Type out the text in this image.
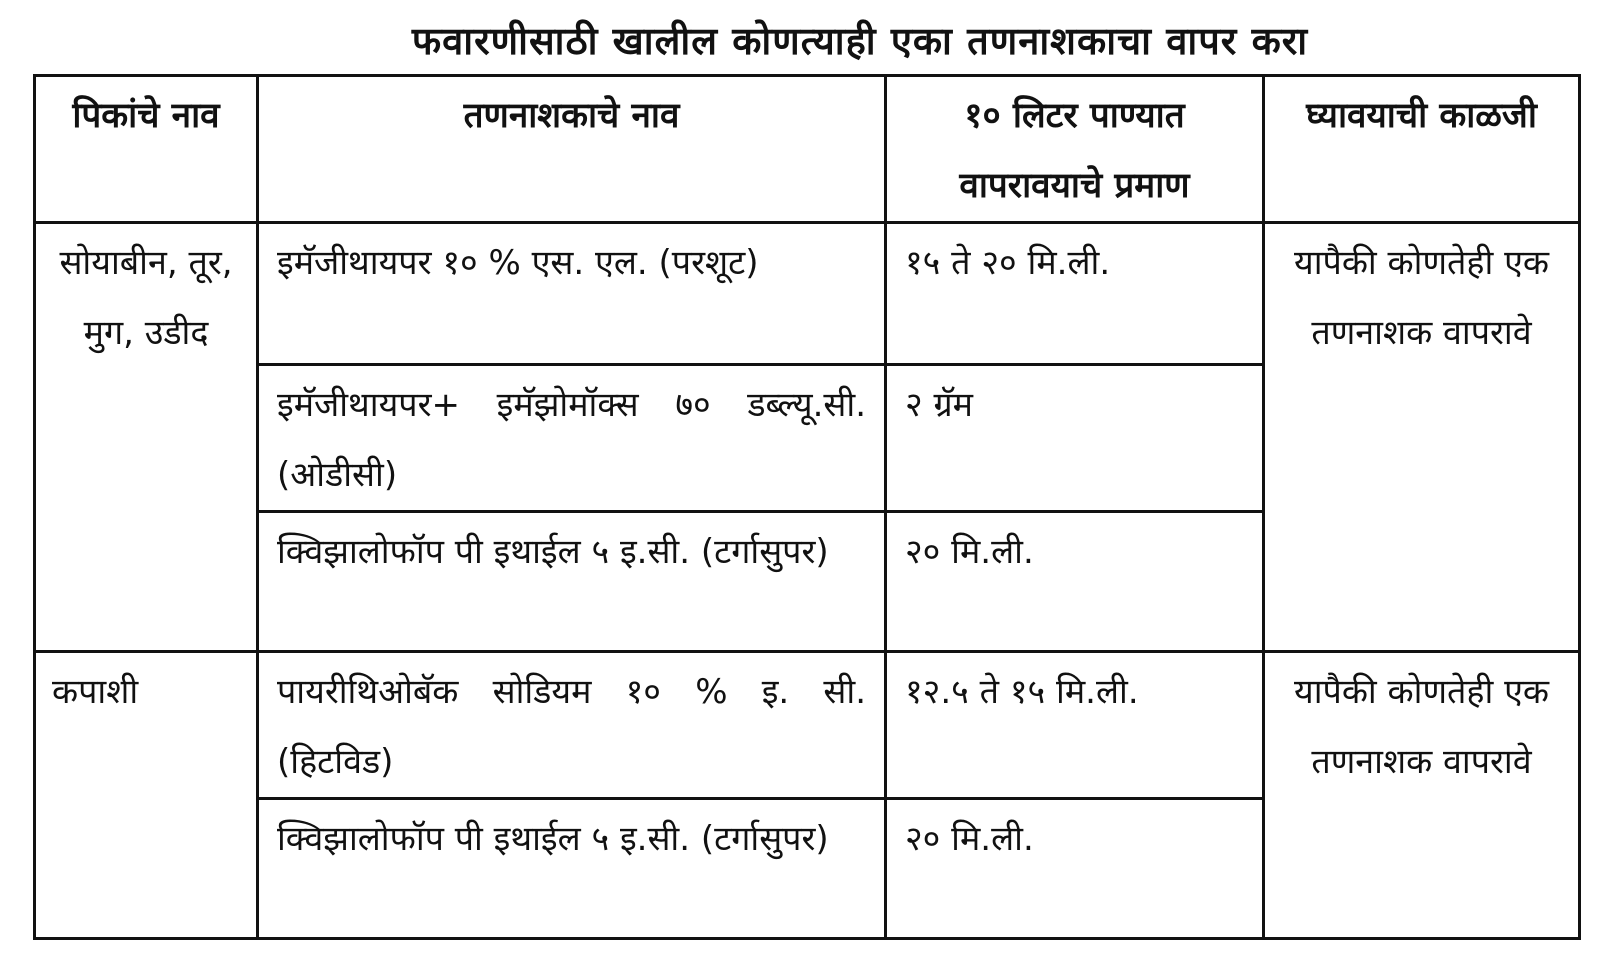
फवारणीसाठी खालील कोणत्याही एका तणनाशकाचा वापर करा
पिकांचे नाव	तणनाशकाचे नाव	१० लिटर पाण्यात वापरावयाचे प्रमाण	घ्यावयाची काळजी

सोयाबीन, तूर, मुग, उडीद	इमॅजीथायपर १० % एस. एल. (परशूट)	१५ ते २० मि.ली.	यापैकी कोणतेही एक तणनाशक वापरावे
	इमॅजीथायपर+ इमॅझोमॉक्स ७० डब्ल्यू.सी. (ओडीसी)	२ ग्रॅम	
	क्विझालोफॉप पी इथाईल ५ इ.सी. (टर्गासुपर)	२० मि.ली.	
कपाशी	पायरीथिओबॅक सोडियम १० % इ. सी. (हिटविड)	१२.५ ते १५ मि.ली.	यापैकी कोणतेही एक तणनाशक वापरावे
	क्विझालोफॉप पी इथाईल ५ इ.सी. (टर्गासुपर)	२० मि.ली.	
